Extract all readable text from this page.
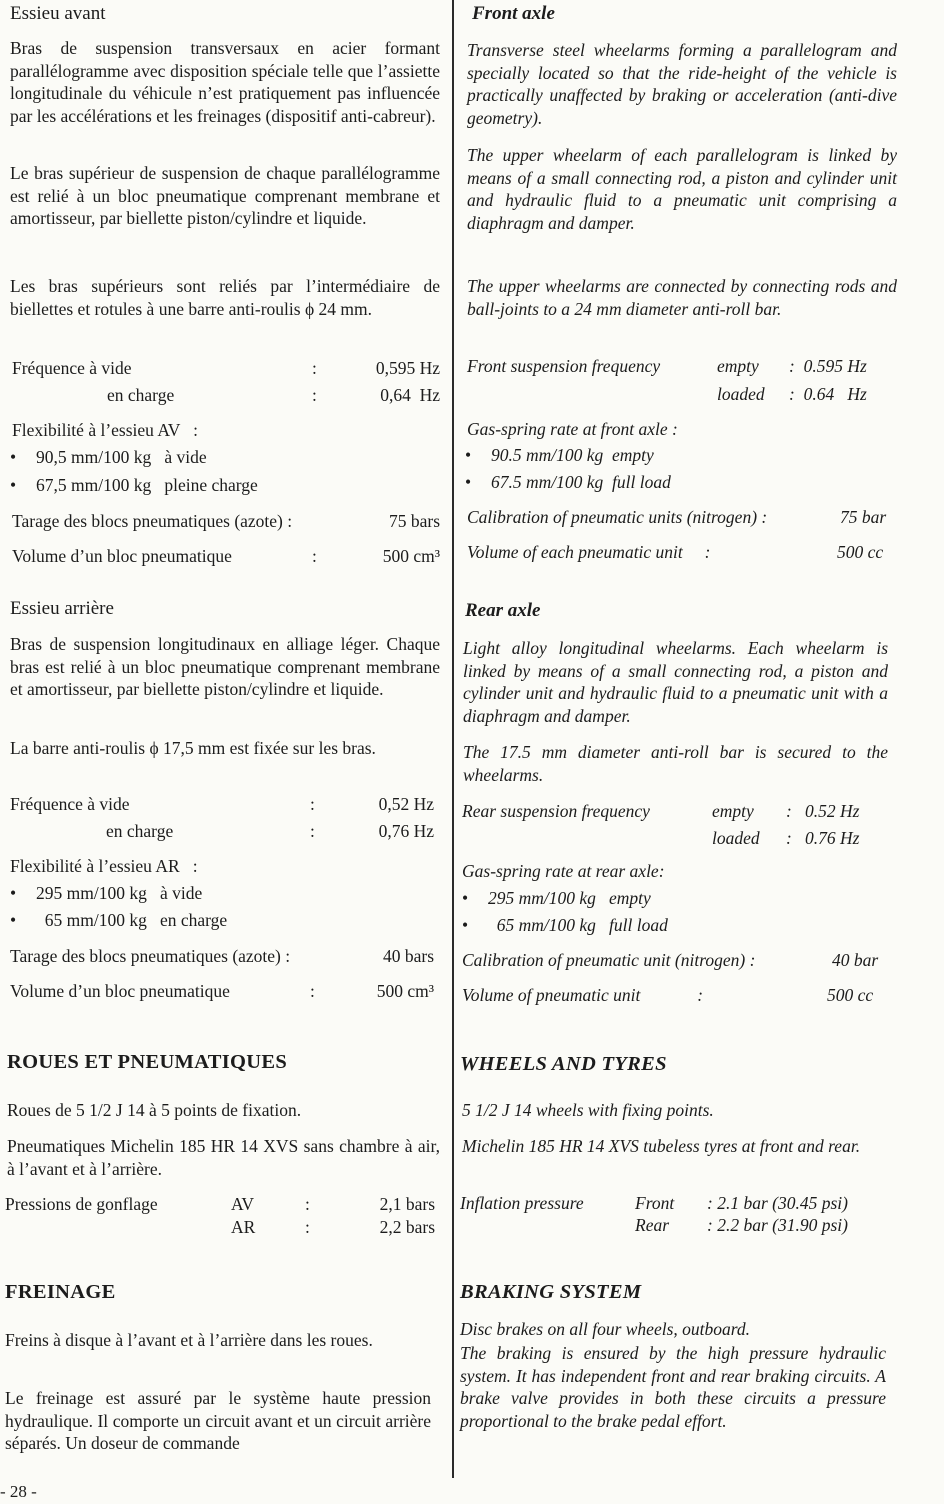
Essieu avant

Bras de suspension transversaux en acier formant parallélogramme avec disposition spéciale telle que l’assiette longitudinale du véhicule n’est pratiquement pas influencée par les accélérations et les freinages (dispositif anti-cabreur).

Le bras supérieur de suspension de chaque parallélogramme est relié à un bloc pneumatique comprenant membrane et amortisseur, par biellette piston/cylindre et liquide.

Les bras supérieurs sont reliés par l’intermédiaire de biellettes et rotules à une barre anti-roulis ϕ 24 mm.

Fréquence à vide	:	0,595 Hz
en charge	:	0,64  Hz
Flexibilité à l’essieu AV   :
• 90,5 mm/100 kg   à vide
• 67,5 mm/100 kg   pleine charge
Tarage des blocs pneumatiques (azote) :	75 bars
Volume d’un bloc pneumatique	:	500 cm³
Essieu arrière

Bras de suspension longitudinaux en alliage léger. Chaque bras est relié à un bloc pneumatique comprenant membrane et amortisseur, par biellette piston/cylindre et liquide.

La barre anti-roulis ϕ 17,5 mm est fixée sur les bras.

Fréquence à vide	:	0,52 Hz
en charge	:	0,76 Hz
Flexibilité à l’essieu AR   :
• 295 mm/100 kg   à vide
• 65 mm/100 kg   en charge
Tarage des blocs pneumatiques (azote) :	40 bars
Volume d’un bloc pneumatique	:	500 cm³
ROUES ET PNEUMATIQUES

Roues de 5 1/2 J 14 à 5 points de fixation.

Pneumatiques Michelin 185 HR 14 XVS sans chambre à air, à l’avant et à l’arrière.

Pressions de gonflage	AV	:	2,1 bars
AR	:	2,2 bars
FREINAGE

Freins à disque à l’avant et à l’arrière dans les roues.

Le freinage est assuré par le système haute pression hydraulique. Il comporte un circuit avant et un circuit arrière séparés. Un doseur de commande

Front axle

Transverse steel wheelarms forming a parallelogram and specially located so that the ride-height of the vehicle is practically unaffected by braking or acceleration (anti-dive geometry).

The upper wheelarm of each parallelogram is linked by means of a small connecting rod, a piston and cylinder unit and hydraulic fluid to a pneumatic unit comprising a diaphragm and damper.

The upper wheelarms are connected by connecting rods and ball-joints to a 24 mm diameter anti-roll bar.

Front suspension frequency	empty :  0.595 Hz
loaded :  0.64   Hz
Gas-spring rate at front axle :
• 90.5 mm/100 kg  empty
• 67.5 mm/100 kg  full load
Calibration of pneumatic units (nitrogen) :	75 bar
Volume of each pneumatic unit     :	500 cc
Rear axle

Light alloy longitudinal wheelarms. Each wheelarm is linked by means of a small connecting rod, a piston and cylinder unit and hydraulic fluid to a pneumatic unit with a diaphragm and damper.

The 17.5 mm diameter anti-roll bar is secured to the wheelarms.

Rear suspension frequency	empty :   0.52 Hz
loaded :   0.76 Hz
Gas-spring rate at rear axle:
• 295 mm/100 kg   empty
• 65 mm/100 kg   full load
Calibration of pneumatic unit (nitrogen) :	40 bar
Volume of pneumatic unit             :	500 cc
WHEELS AND TYRES

5 1/2 J 14 wheels with fixing points.

Michelin 185 HR 14 XVS tubeless tyres at front and rear.

Inflation pressure	Front : 2.1 bar (30.45 psi)
Rear : 2.2 bar (31.90 psi)
BRAKING SYSTEM

Disc brakes on all four wheels, outboard.

The braking is ensured by the high pressure hydraulic system. It has independent front and rear braking circuits. A brake valve provides in both these circuits a pressure proportional to the brake pedal effort.

- 28 -
